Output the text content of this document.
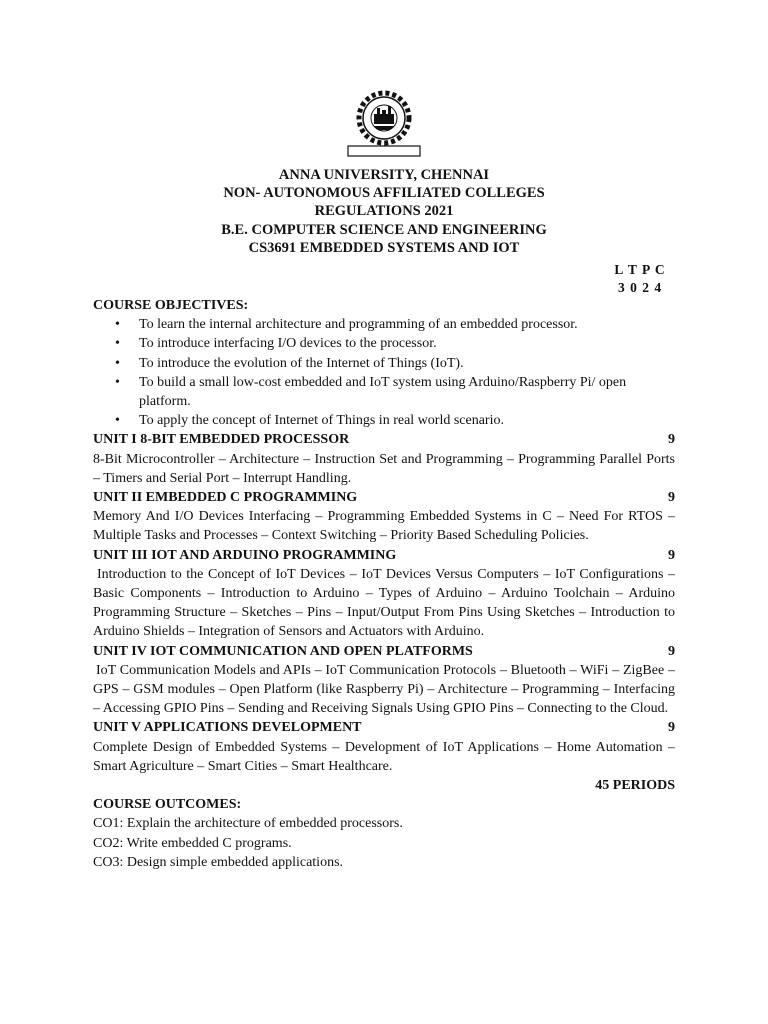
ANNA UNIVERSITY, CHENNAI
NON- AUTONOMOUS AFFILIATED COLLEGES
REGULATIONS 2021
B.E. COMPUTER SCIENCE AND ENGINEERING
CS3691 EMBEDDED SYSTEMS AND IOT
L T P C
3 0 2 4

COURSE OBJECTIVES:

• To learn the internal architecture and programming of an embedded processor.
• To introduce interfacing I/O devices to the processor.
• To introduce the evolution of the Internet of Things (IoT).
• To build a small low-cost embedded and IoT system using Arduino/Raspberry Pi/ open platform.
• To apply the concept of Internet of Things in real world scenario.

UNIT I 8-BIT EMBEDDED PROCESSOR	9

8-Bit Microcontroller – Architecture – Instruction Set and Programming – Programming Parallel Ports – Timers and Serial Port – Interrupt Handling.

UNIT II EMBEDDED C PROGRAMMING	9

Memory And I/O Devices Interfacing – Programming Embedded Systems in C – Need For RTOS – Multiple Tasks and Processes – Context Switching – Priority Based Scheduling Policies.

UNIT III IOT AND ARDUINO PROGRAMMING	9

Introduction to the Concept of IoT Devices – IoT Devices Versus Computers – IoT Configurations – Basic Components – Introduction to Arduino – Types of Arduino – Arduino Toolchain – Arduino Programming Structure – Sketches – Pins – Input/Output From Pins Using Sketches – Introduction to Arduino Shields – Integration of Sensors and Actuators with Arduino.

UNIT IV IOT COMMUNICATION AND OPEN PLATFORMS	9

IoT Communication Models and APIs – IoT Communication Protocols – Bluetooth – WiFi – ZigBee – GPS – GSM modules – Open Platform (like Raspberry Pi) – Architecture – Programming – Interfacing – Accessing GPIO Pins – Sending and Receiving Signals Using GPIO Pins – Connecting to the Cloud.

UNIT V APPLICATIONS DEVELOPMENT	9

Complete Design of Embedded Systems – Development of IoT Applications – Home Automation – Smart Agriculture – Smart Cities – Smart Healthcare.

45 PERIODS

COURSE OUTCOMES:

CO1: Explain the architecture of embedded processors.

CO2: Write embedded C programs.

CO3: Design simple embedded applications.
